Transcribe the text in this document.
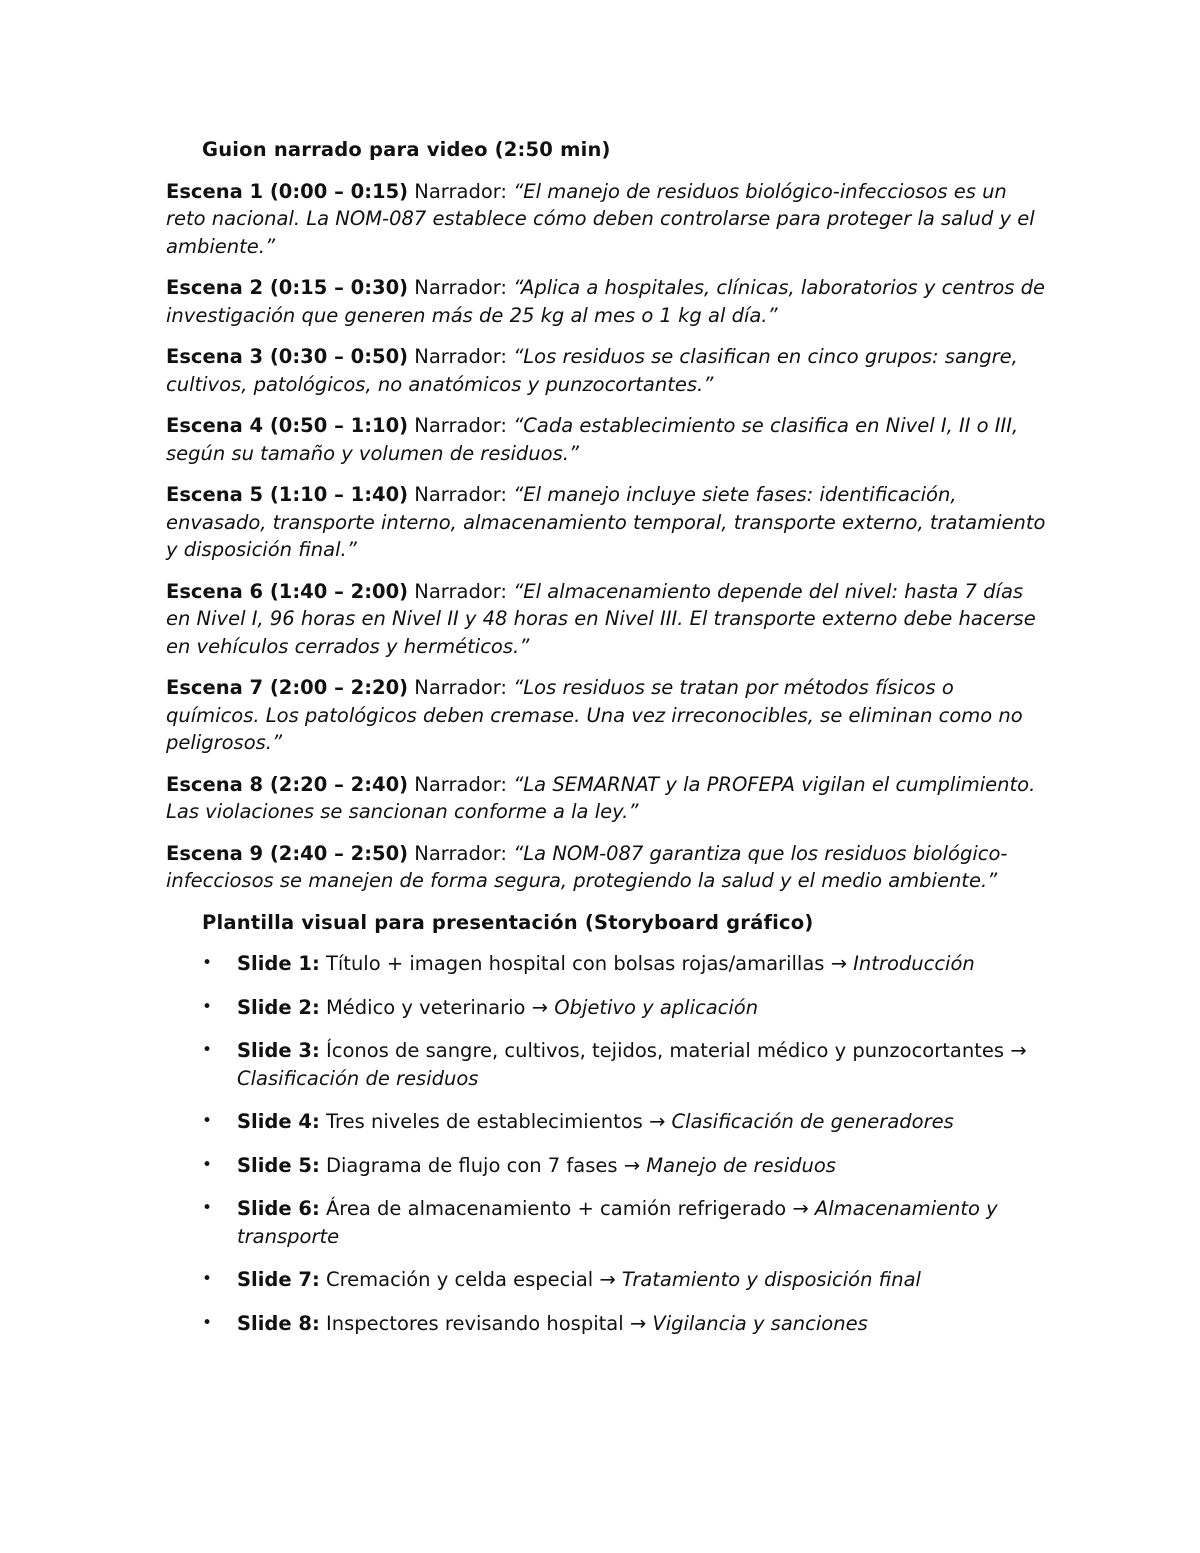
Guion narrado para video (2:50 min)
Escena 1 (0:00 – 0:15) Narrador: “El manejo de residuos biológico-infecciosos es un reto nacional. La NOM-087 establece cómo deben controlarse para proteger la salud y el ambiente.”
Escena 2 (0:15 – 0:30) Narrador: “Aplica a hospitales, clínicas, laboratorios y centros de investigación que generen más de 25 kg al mes o 1 kg al día.”
Escena 3 (0:30 – 0:50) Narrador: “Los residuos se clasifican en cinco grupos: sangre, cultivos, patológicos, no anatómicos y punzocortantes.”
Escena 4 (0:50 – 1:10) Narrador: “Cada establecimiento se clasifica en Nivel I, II o III, según su tamaño y volumen de residuos.”
Escena 5 (1:10 – 1:40) Narrador: “El manejo incluye siete fases: identificación, envasado, transporte interno, almacenamiento temporal, transporte externo, tratamiento y disposición final.”
Escena 6 (1:40 – 2:00) Narrador: “El almacenamiento depende del nivel: hasta 7 días en Nivel I, 96 horas en Nivel II y 48 horas en Nivel III. El transporte externo debe hacerse en vehículos cerrados y herméticos.”
Escena 7 (2:00 – 2:20) Narrador: “Los residuos se tratan por métodos físicos o químicos. Los patológicos deben cremase. Una vez irreconocibles, se eliminan como no peligrosos.”
Escena 8 (2:20 – 2:40) Narrador: “La SEMARNAT y la PROFEPA vigilan el cumplimiento. Las violaciones se sancionan conforme a la ley.”
Escena 9 (2:40 – 2:50) Narrador: “La NOM-087 garantiza que los residuos biológico-infecciosos se manejen de forma segura, protegiendo la salud y el medio ambiente.”
Plantilla visual para presentación (Storyboard gráfico)
• Slide 1: Título + imagen hospital con bolsas rojas/amarillas → Introducción
• Slide 2: Médico y veterinario → Objetivo y aplicación
• Slide 3: Íconos de sangre, cultivos, tejidos, material médico y punzocortantes → Clasificación de residuos
• Slide 4: Tres niveles de establecimientos → Clasificación de generadores
• Slide 5: Diagrama de flujo con 7 fases → Manejo de residuos
• Slide 6: Área de almacenamiento + camión refrigerado → Almacenamiento y transporte
• Slide 7: Cremación y celda especial → Tratamiento y disposición final
• Slide 8: Inspectores revisando hospital → Vigilancia y sanciones
